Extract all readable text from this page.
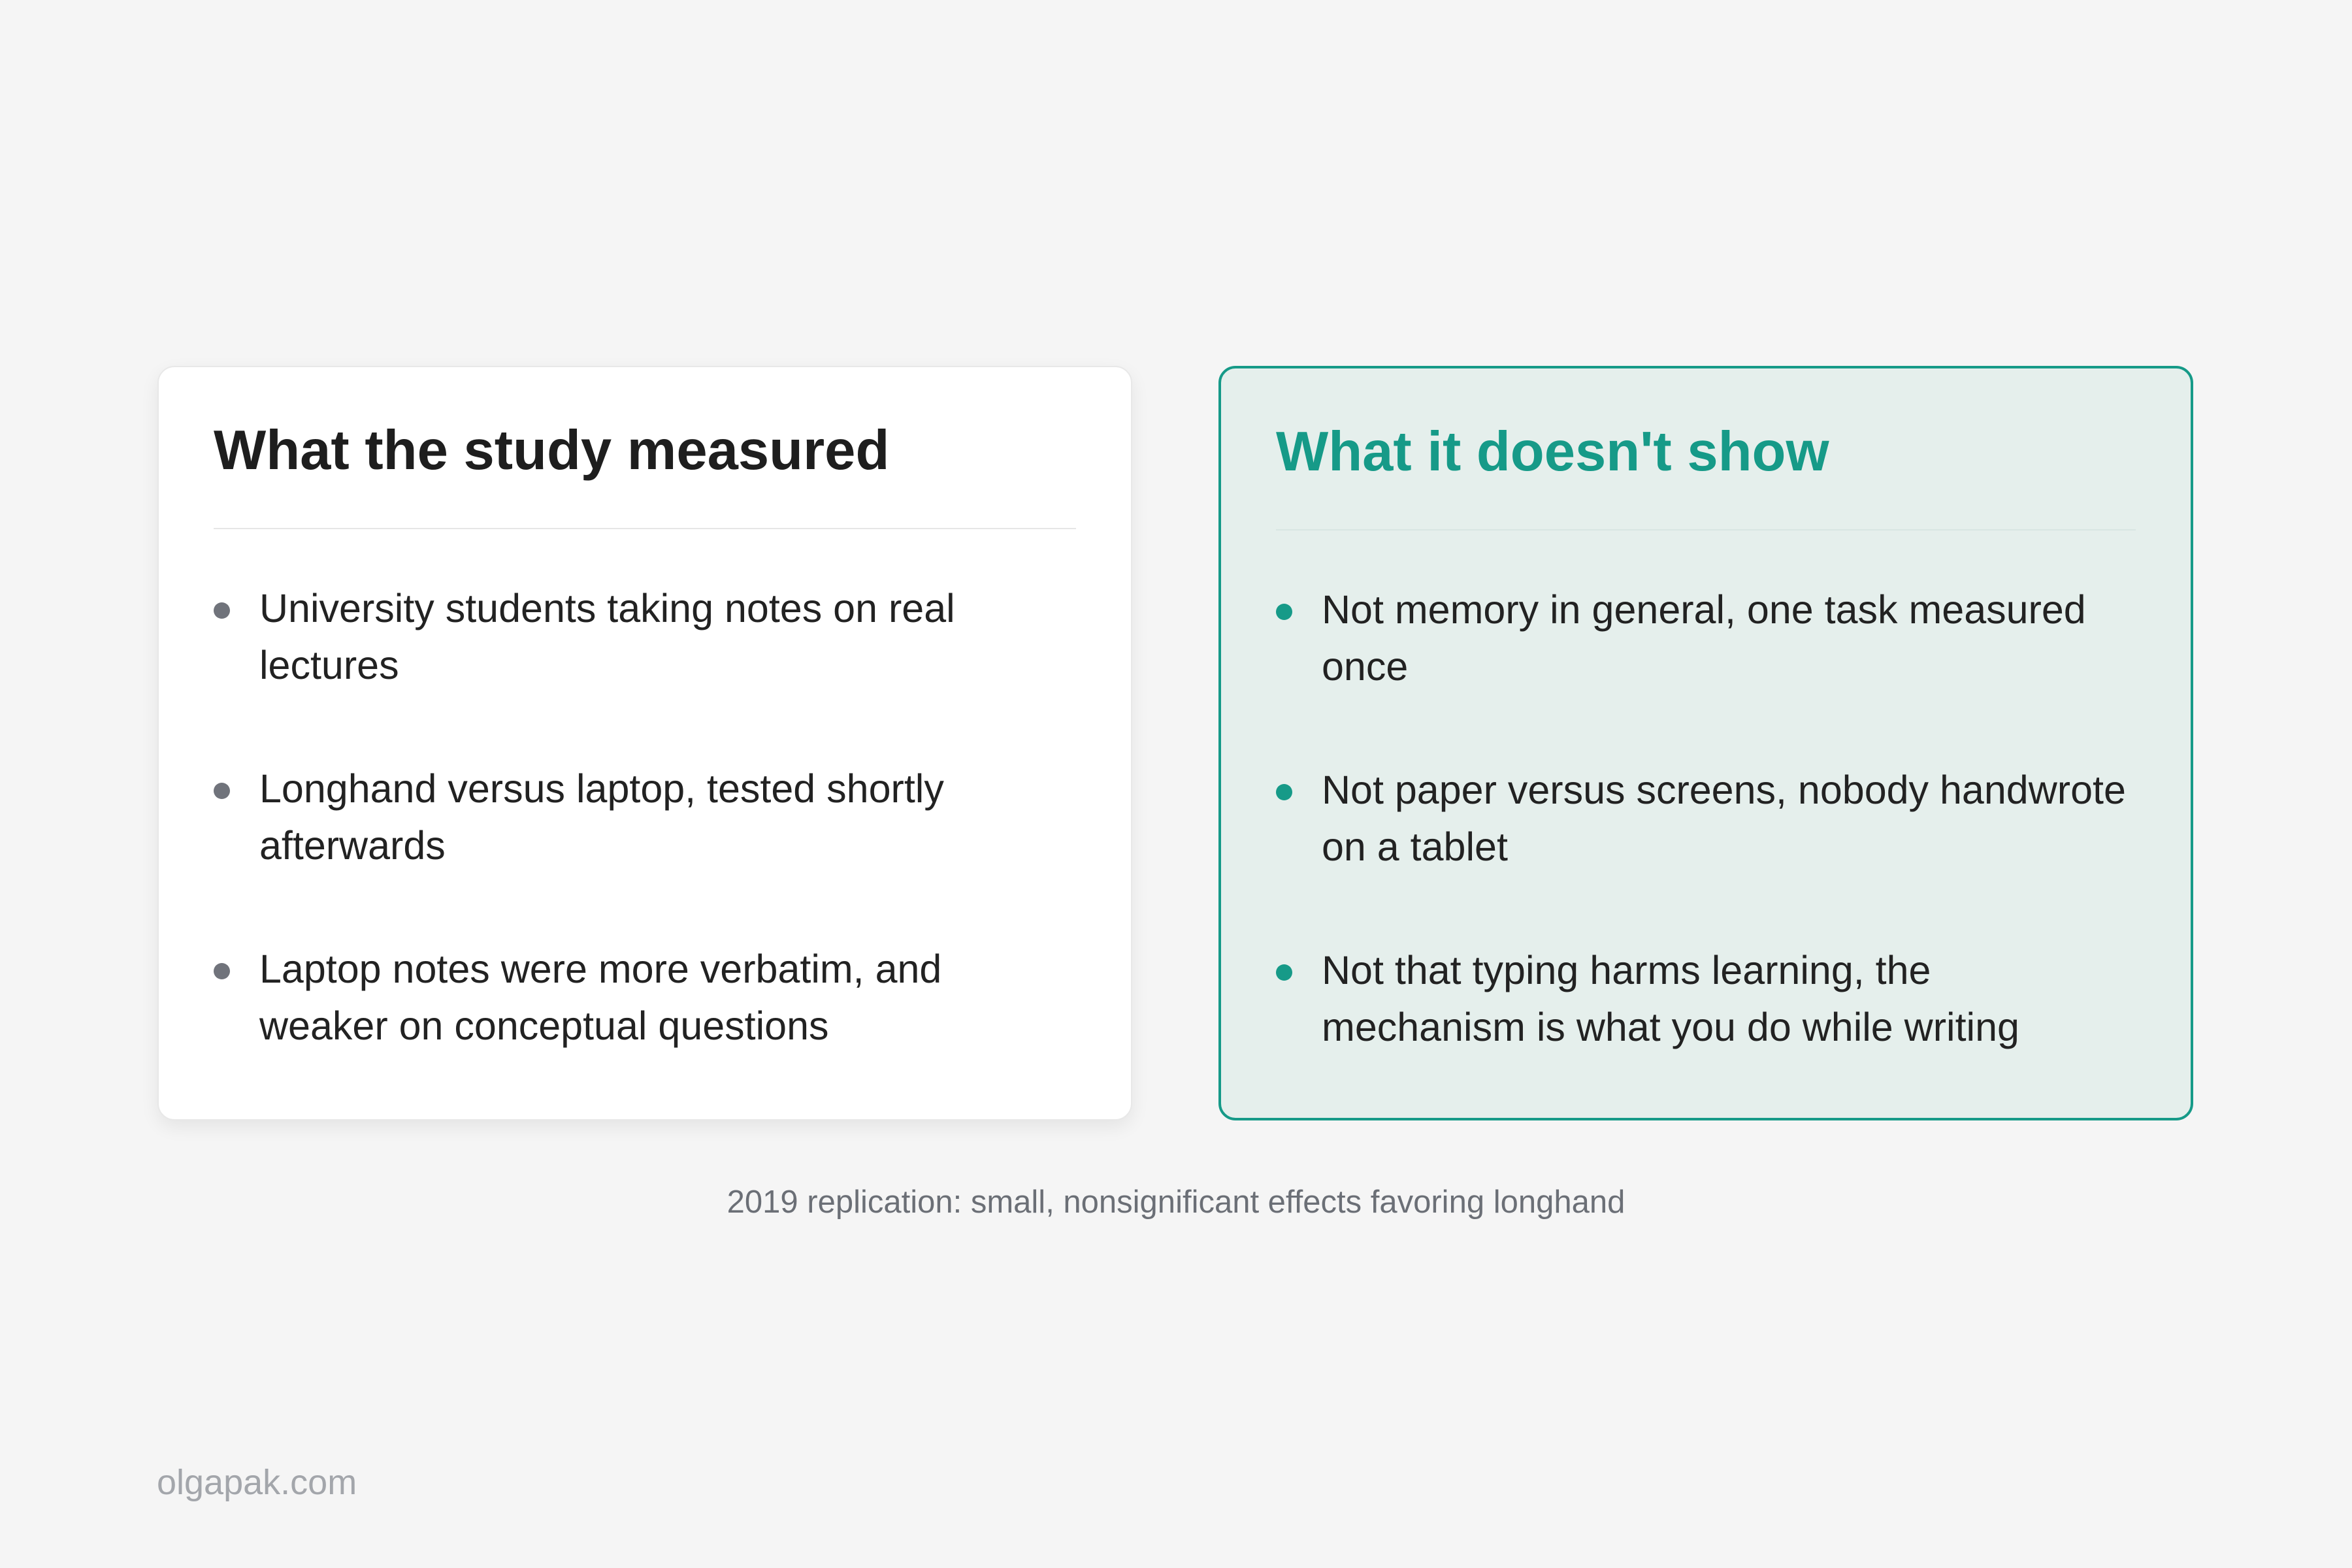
What the study measured
University students taking notes on real lectures
Longhand versus laptop, tested shortly afterwards
Laptop notes were more verbatim, and weaker on conceptual questions
What it doesn't show
Not memory in general, one task measured once
Not paper versus screens, nobody handwrote on a tablet
Not that typing harms learning, the mechanism is what you do while writing
2019 replication: small, nonsignificant effects favoring longhand
olgapak.com
